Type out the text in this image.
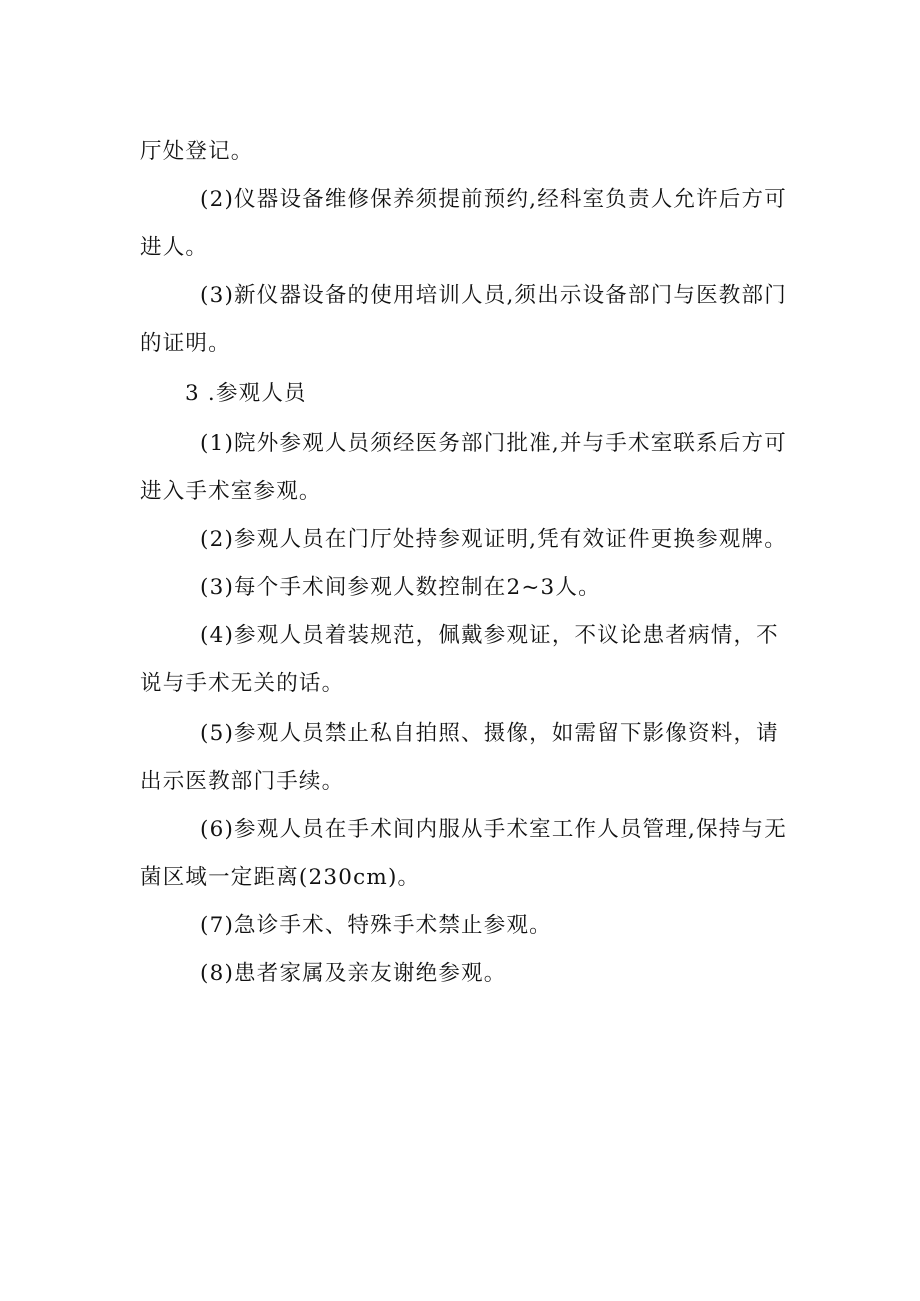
厅处登记。

(2)仪器设备维修保养须提前预约,经科室负责人允许后方可进人。

(3)新仪器设备的使用培训人员,须出示设备部门与医教部门的证明。

3 .参观人员

(1)院外参观人员须经医务部门批准,并与手术室联系后方可进入手术室参观。

(2)参观人员在门厅处持参观证明,凭有效证件更换参观牌。

(3)每个手术间参观人数控制在2~3人。

(4)参观人员着装规范，佩戴参观证，不议论患者病情，不说与手术无关的话。

(5)参观人员禁止私自拍照、摄像，如需留下影像资料，请出示医教部门手续。

(6)参观人员在手术间内服从手术室工作人员管理,保持与无菌区域一定距离(230cm)。

(7)急诊手术、特殊手术禁止参观。

(8)患者家属及亲友谢绝参观。
